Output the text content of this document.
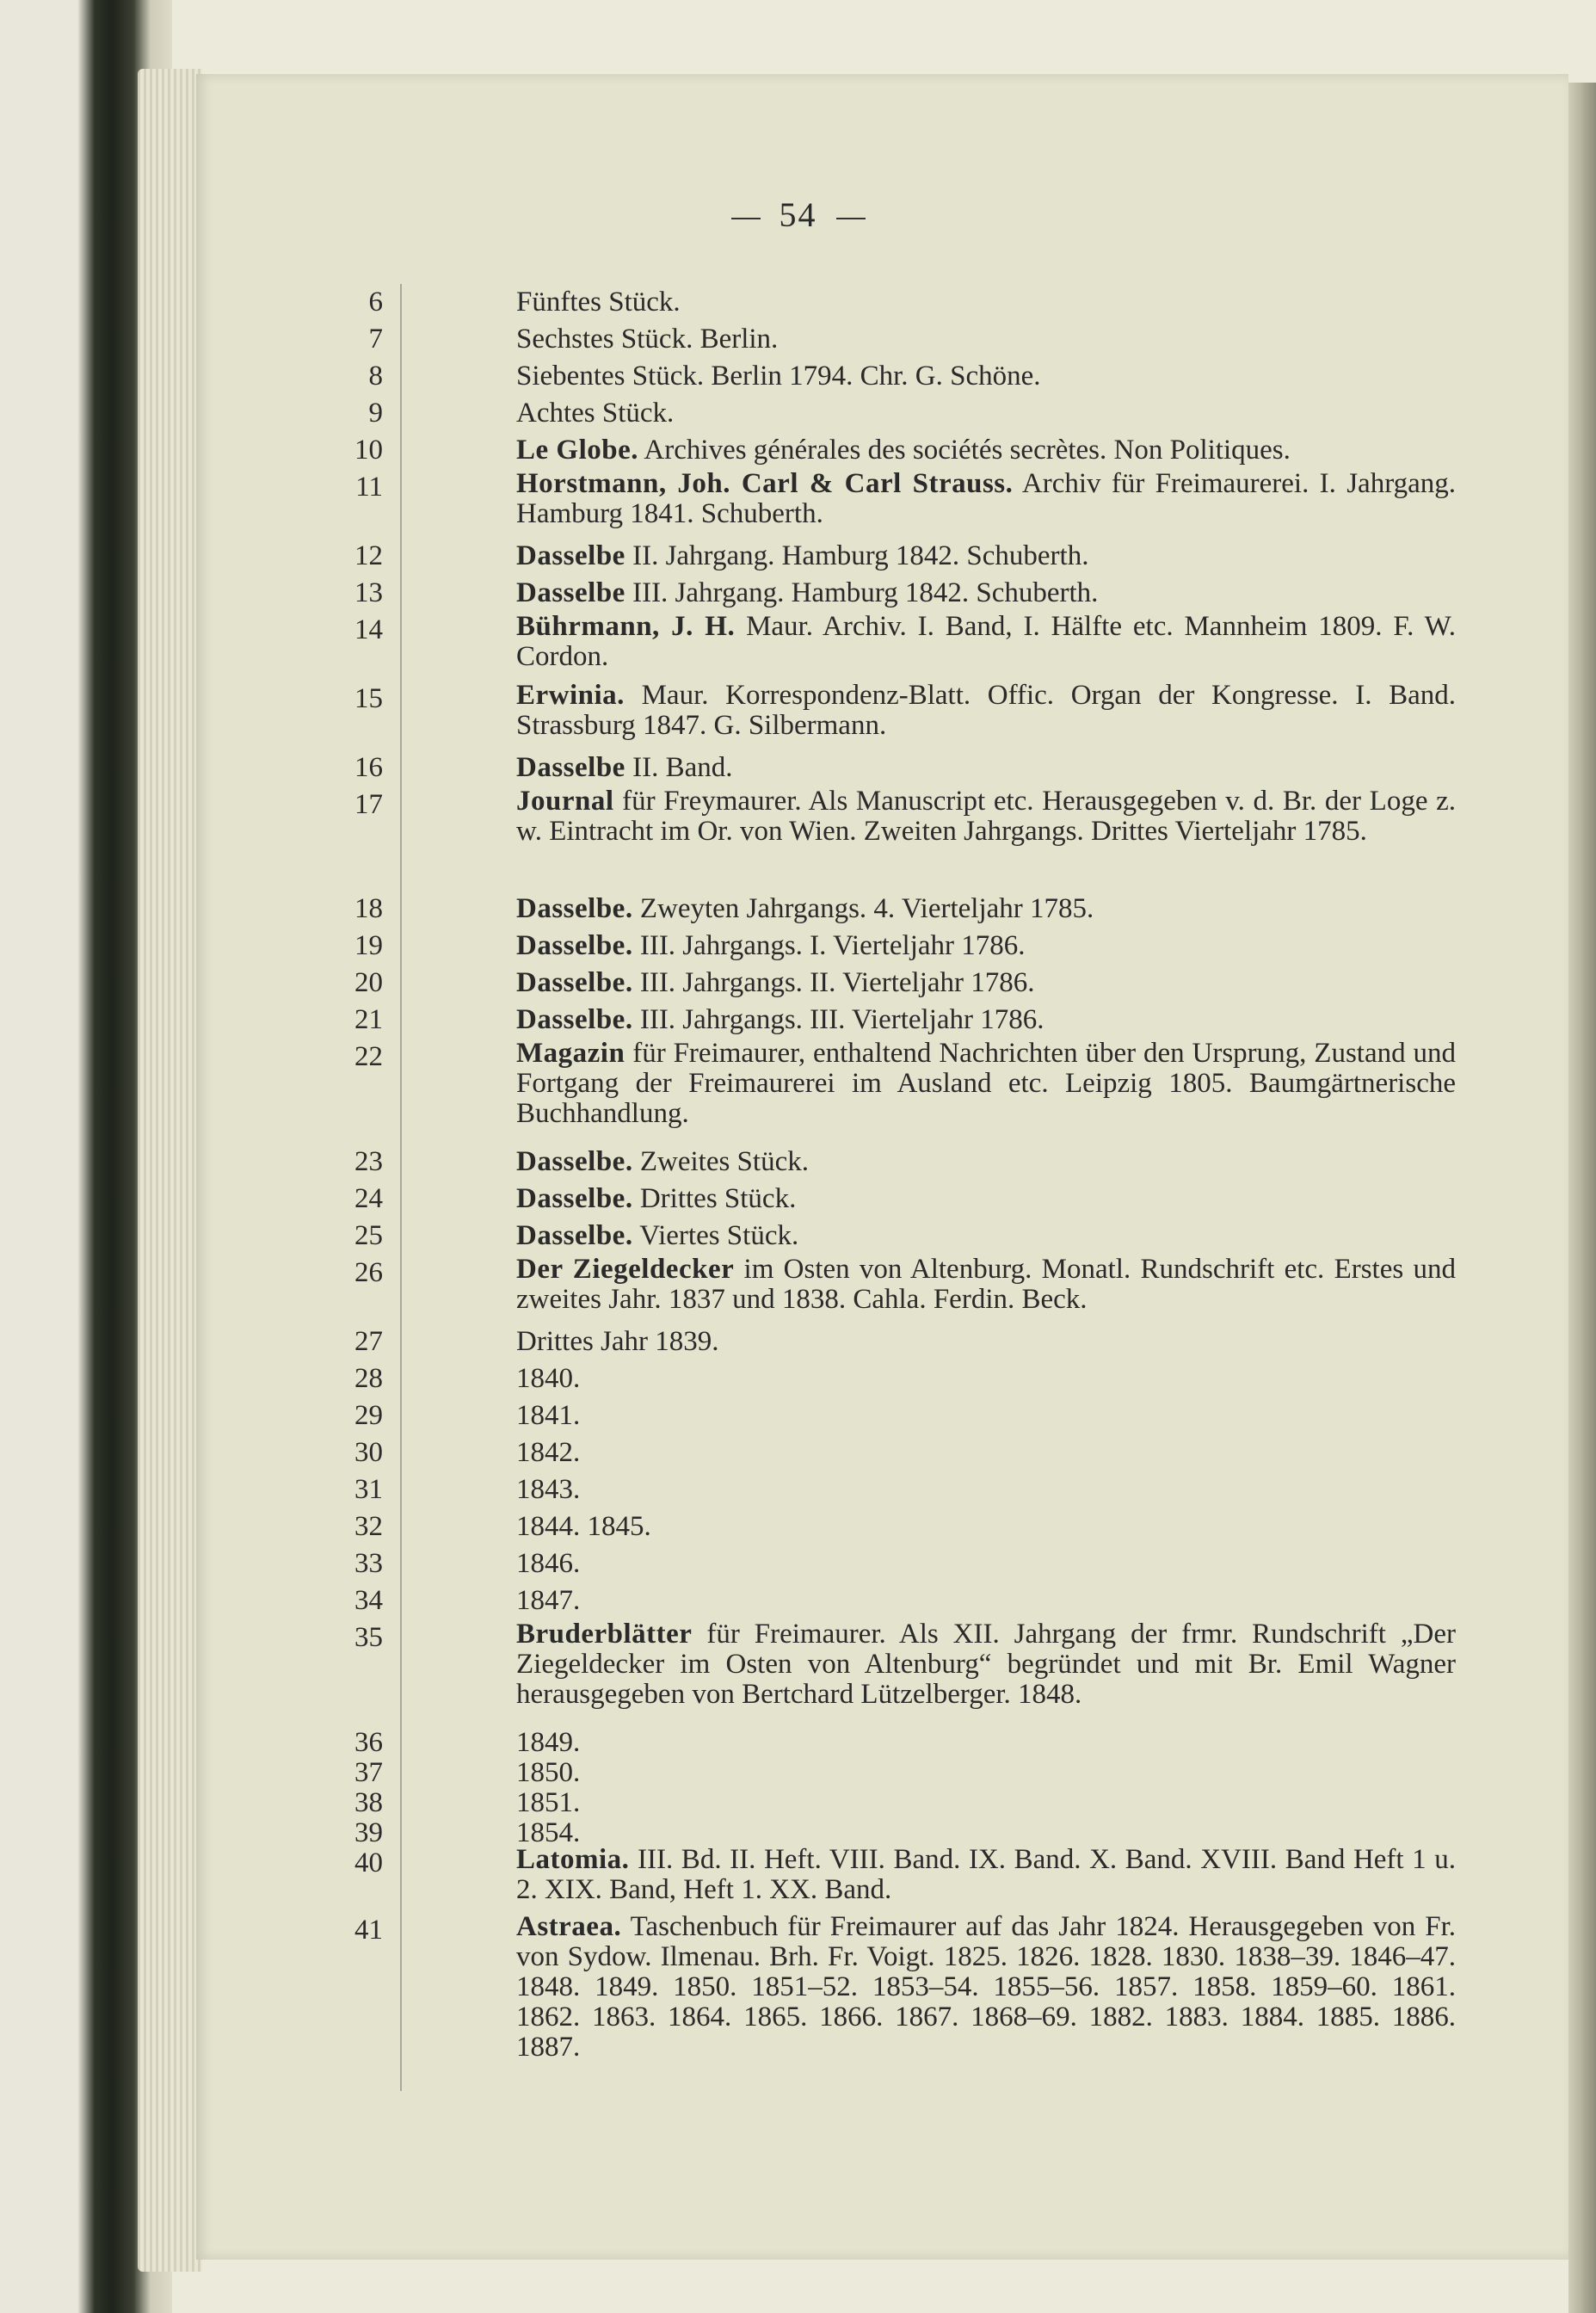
54
6	Fünftes Stück.
7	Sechstes Stück. Berlin.
8	Siebentes Stück. Berlin 1794. Chr. G. Schöne.
9	Achtes Stück.
10	Le Globe. Archives générales des sociétés secrètes. Non Politiques.
11	Horstmann, Joh. Carl & Carl Strauss. Archiv für Freimaurerei. I. Jahrgang. Hamburg 1841. Schuberth.
12	Dasselbe II. Jahrgang. Hamburg 1842. Schuberth.
13	Dasselbe III. Jahrgang. Hamburg 1842. Schuberth.
14	Bührmann, J. H. Maur. Archiv. I. Band, I. Hälfte etc. Mannheim 1809. F. W. Cordon.
15	Erwinia. Maur. Korrespondenz-Blatt. Offic. Organ der Kongresse. I. Band. Strassburg 1847. G. Silbermann.
16	Dasselbe II. Band.
17	Journal für Freymaurer. Als Manuscript etc. Herausgegeben v. d. Br. der Loge z. w. Eintracht im Or. von Wien. Zweiten Jahrgangs. Drittes Vierteljahr 1785.
18	Dasselbe. Zweyten Jahrgangs. 4. Vierteljahr 1785.
19	Dasselbe. III. Jahrgangs. I. Vierteljahr 1786.
20	Dasselbe. III. Jahrgangs. II. Vierteljahr 1786.
21	Dasselbe. III. Jahrgangs. III. Vierteljahr 1786.
22	Magazin für Freimaurer, enthaltend Nachrichten über den Ursprung, Zustand und Fortgang der Freimaurerei im Ausland etc. Leipzig 1805. Baumgärtnerische Buchhandlung.
23	Dasselbe. Zweites Stück.
24	Dasselbe. Drittes Stück.
25	Dasselbe. Viertes Stück.
26	Der Ziegeldecker im Osten von Altenburg. Monatl. Rundschrift etc. Erstes und zweites Jahr. 1837 und 1838. Cahla. Ferdin. Beck.
27	Drittes Jahr 1839.
28	1840.
29	1841.
30	1842.
31	1843.
32	1844. 1845.
33	1846.
34	1847.
35	Bruderblätter für Freimaurer. Als XII. Jahrgang der frmr. Rundschrift „Der Ziegeldecker im Osten von Altenburg“ begründet und mit Br. Emil Wagner herausgegeben von Bertchard Lützelberger. 1848.
36	1849.
37	1850.
38	1851.
39	1854.
40	Latomia. III. Bd. II. Heft. VIII. Band. IX. Band. X. Band. XVIII. Band Heft 1 u. 2. XIX. Band, Heft 1. XX. Band.
41	Astraea. Taschenbuch für Freimaurer auf das Jahr 1824. Herausgegeben von Fr. von Sydow. Ilmenau. Brh. Fr. Voigt. 1825. 1826. 1828. 1830. 1838–39. 1846–47. 1848. 1849. 1850. 1851–52. 1853–54. 1855–56. 1857. 1858. 1859–60. 1861. 1862. 1863. 1864. 1865. 1866. 1867. 1868–69. 1882. 1883. 1884. 1885. 1886. 1887.
